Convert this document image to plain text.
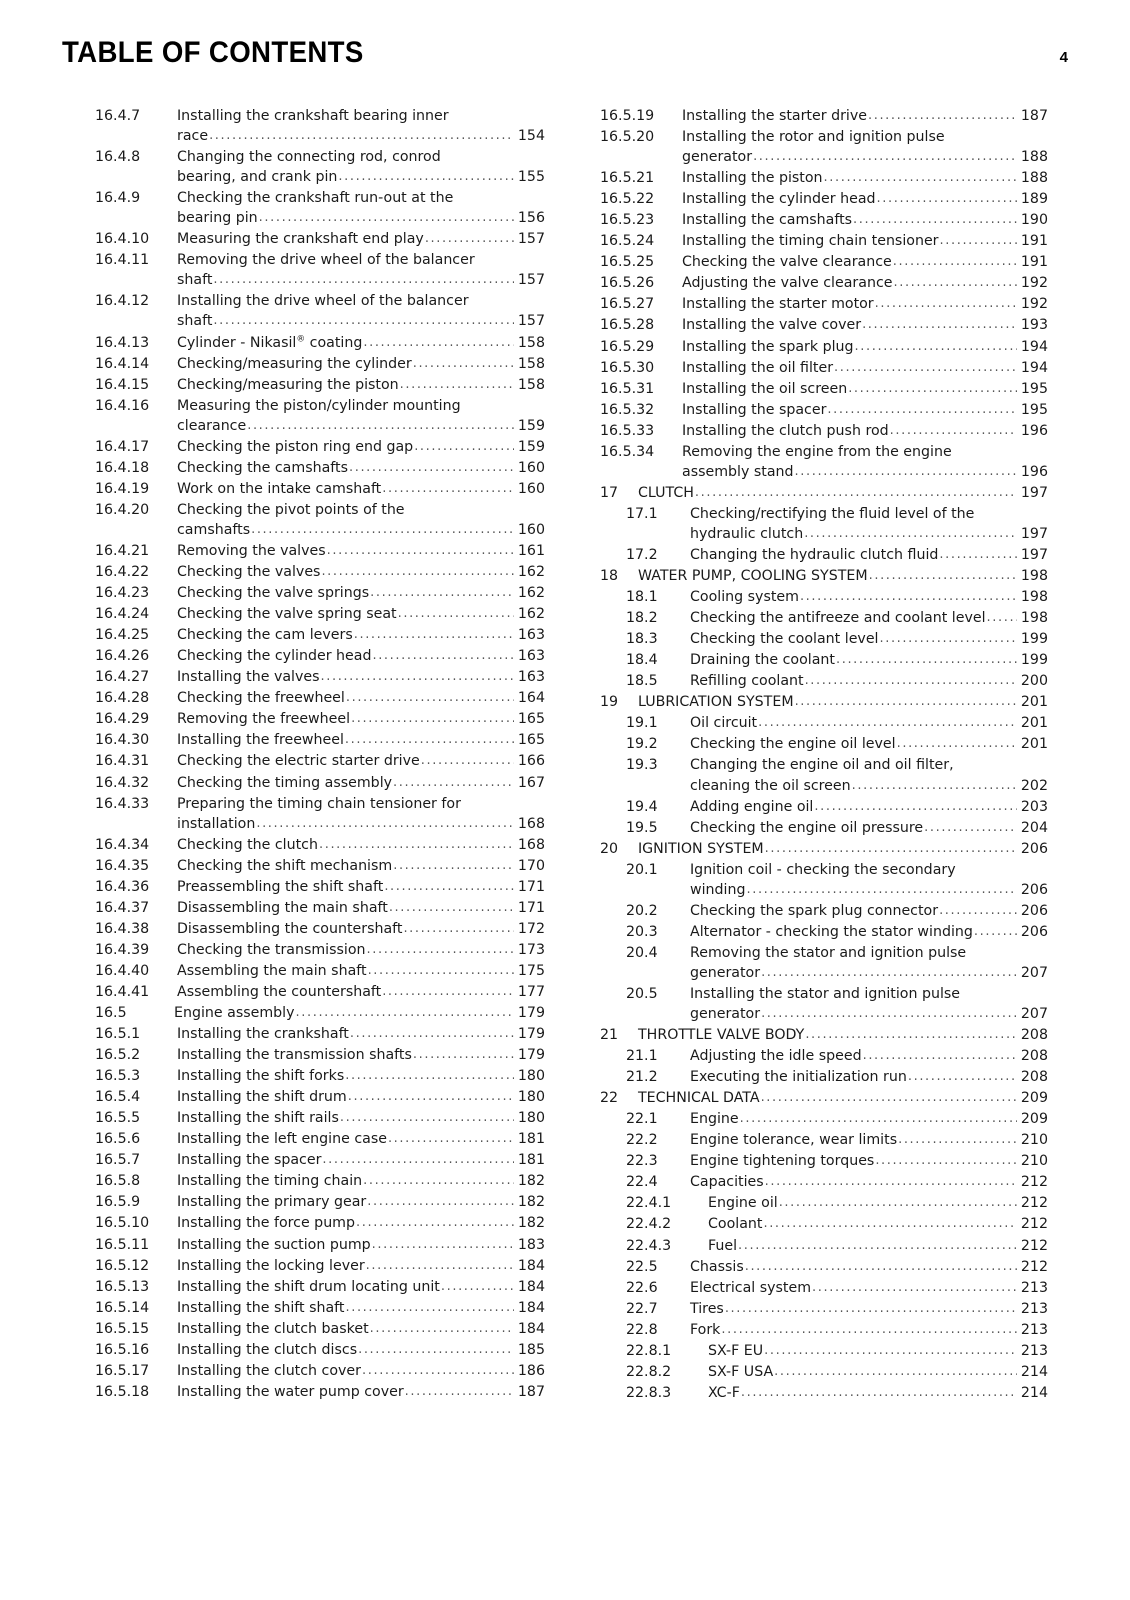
TABLE OF CONTENTS	4
16.4.7	Installing the crankshaft bearing inner
race .....	154
16.4.8	Changing the connecting rod, conrod
bearing, and crank pin .....	155
16.4.9	Checking the crankshaft run-out at the
bearing pin .....	156
16.4.10	Measuring the crankshaft end play .....	157
16.4.11	Removing the drive wheel of the balancer
shaft .....	157
16.4.12	Installing the drive wheel of the balancer
shaft .....	157
16.4.13	Cylinder - Nikasil® coating .....	158
16.4.14	Checking/measuring the cylinder .....	158
16.4.15	Checking/measuring the piston .....	158
16.4.16	Measuring the piston/cylinder mounting
clearance .....	159
16.4.17	Checking the piston ring end gap .....	159
16.4.18	Checking the camshafts .....	160
16.4.19	Work on the intake camshaft .....	160
16.4.20	Checking the pivot points of the
camshafts .....	160
16.4.21	Removing the valves .....	161
16.4.22	Checking the valves .....	162
16.4.23	Checking the valve springs .....	162
16.4.24	Checking the valve spring seat .....	162
16.4.25	Checking the cam levers .....	163
16.4.26	Checking the cylinder head .....	163
16.4.27	Installing the valves .....	163
16.4.28	Checking the freewheel .....	164
16.4.29	Removing the freewheel .....	165
16.4.30	Installing the freewheel .....	165
16.4.31	Checking the electric starter drive .....	166
16.4.32	Checking the timing assembly .....	167
16.4.33	Preparing the timing chain tensioner for
installation .....	168
16.4.34	Checking the clutch .....	168
16.4.35	Checking the shift mechanism .....	170
16.4.36	Preassembling the shift shaft .....	171
16.4.37	Disassembling the main shaft .....	171
16.4.38	Disassembling the countershaft .....	172
16.4.39	Checking the transmission .....	173
16.4.40	Assembling the main shaft .....	175
16.4.41	Assembling the countershaft .....	177
16.5	Engine assembly .....	179
16.5.1	Installing the crankshaft .....	179
16.5.2	Installing the transmission shafts .....	179
16.5.3	Installing the shift forks .....	180
16.5.4	Installing the shift drum .....	180
16.5.5	Installing the shift rails .....	180
16.5.6	Installing the left engine case .....	181
16.5.7	Installing the spacer .....	181
16.5.8	Installing the timing chain .....	182
16.5.9	Installing the primary gear .....	182
16.5.10	Installing the force pump .....	182
16.5.11	Installing the suction pump .....	183
16.5.12	Installing the locking lever .....	184
16.5.13	Installing the shift drum locating unit .....	184
16.5.14	Installing the shift shaft .....	184
16.5.15	Installing the clutch basket .....	184
16.5.16	Installing the clutch discs .....	185
16.5.17	Installing the clutch cover .....	186
16.5.18	Installing the water pump cover .....	187
16.5.19	Installing the starter drive .....	187
16.5.20	Installing the rotor and ignition pulse
generator .....	188
16.5.21	Installing the piston .....	188
16.5.22	Installing the cylinder head .....	189
16.5.23	Installing the camshafts .....	190
16.5.24	Installing the timing chain tensioner .....	191
16.5.25	Checking the valve clearance .....	191
16.5.26	Adjusting the valve clearance .....	192
16.5.27	Installing the starter motor .....	192
16.5.28	Installing the valve cover .....	193
16.5.29	Installing the spark plug .....	194
16.5.30	Installing the oil filter .....	194
16.5.31	Installing the oil screen .....	195
16.5.32	Installing the spacer .....	195
16.5.33	Installing the clutch push rod .....	196
16.5.34	Removing the engine from the engine
assembly stand .....	196
17	CLUTCH .....	197
17.1	Checking/rectifying the fluid level of the
hydraulic clutch .....	197
17.2	Changing the hydraulic clutch fluid .....	197
18	WATER PUMP, COOLING SYSTEM .....	198
18.1	Cooling system .....	198
18.2	Checking the antifreeze and coolant level ..... 198
18.3	Checking the coolant level .....	199
18.4	Draining the coolant .....	199
18.5	Refilling coolant .....	200
19	LUBRICATION SYSTEM .....	201
19.1	Oil circuit .....	201
19.2	Checking the engine oil level .....	201
19.3	Changing the engine oil and oil filter,
cleaning the oil screen .....	202
19.4	Adding engine oil .....	203
19.5	Checking the engine oil pressure .....	204
20	IGNITION SYSTEM .....	206
20.1	Ignition coil - checking the secondary
winding .....	206
20.2	Checking the spark plug connector .....	206
20.3	Alternator - checking the stator winding .....	206
20.4	Removing the stator and ignition pulse
generator .....	207
20.5	Installing the stator and ignition pulse
generator .....	207
21	THROTTLE VALVE BODY .....	208
21.1	Adjusting the idle speed .....	208
21.2	Executing the initialization run .....	208
22	TECHNICAL DATA .....	209
22.1	Engine .....	209
22.2	Engine tolerance, wear limits .....	210
22.3	Engine tightening torques .....	210
22.4	Capacities .....	212
22.4.1	Engine oil .....	212
22.4.2	Coolant .....	212
22.4.3	Fuel .....	212
22.5	Chassis .....	212
22.6	Electrical system .....	213
22.7	Tires .....	213
22.8	Fork .....	213
22.8.1	SX-F EU .....	213
22.8.2	SX-F USA .....	214
22.8.3	XC-F .....	214
